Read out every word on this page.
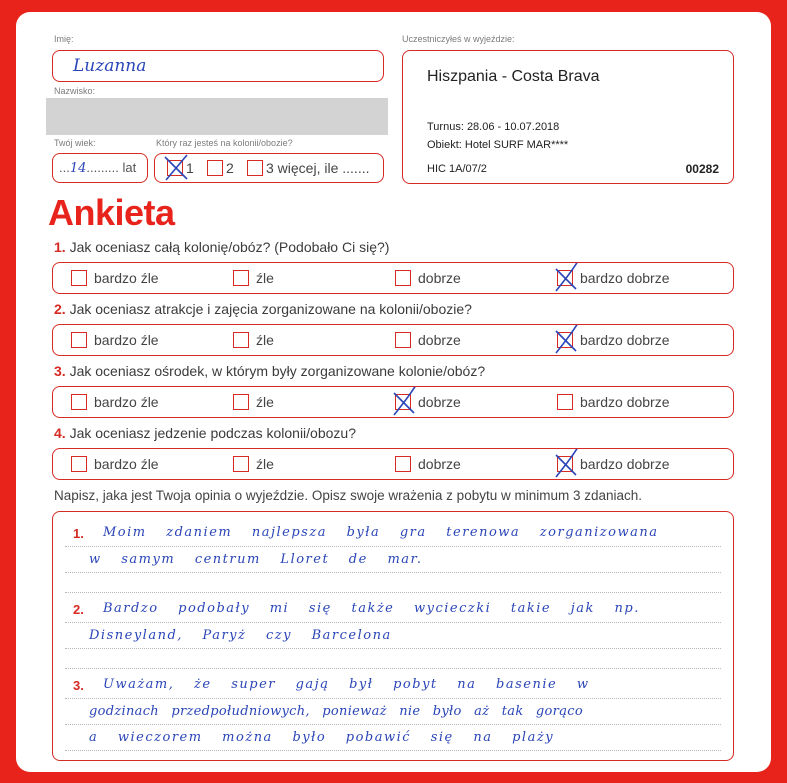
Imię:
Luzanna
Nazwisko:
Twój wiek:
...14......... lat
Który raz jesteś na kolonii/obozie?
1 2 3 więcej, ile .......
Uczestniczyłeś w wyjeździe:
Hiszpania - Costa Brava
Turnus: 28.06 - 10.07.2018
Obiekt: Hotel SURF MAR****
HIC 1A/07/2	00282
Ankieta
1. Jak oceniasz całą kolonię/obóz? (Podobało Ci się?)
bardzo źle	źle	dobrze	bardzo dobrze
2. Jak oceniasz atrakcje i zajęcia zorganizowane na kolonii/obozie?
bardzo źle	źle	dobrze	bardzo dobrze
3. Jak oceniasz ośrodek, w którym były zorganizowane kolonie/obóz?
bardzo źle	źle	dobrze	bardzo dobrze
4. Jak oceniasz jedzenie podczas kolonii/obozu?
bardzo źle	źle	dobrze	bardzo dobrze
Napisz, jaka jest Twoja opinia o wyjeździe. Opisz swoje wrażenia z pobytu w minimum 3 zdaniach.
1. Moim zdaniem najlepsza była gra terenowa zorganizowana
w samym centrum Lloret de mar.
2. Bardzo podobały mi się także wycieczki takie jak np.
Disneyland, Paryż czy Barcelona
3. Uważam, że super gają był pobyt na basenie w
godzinach przedpołudniowych, ponieważ nie było aż tak gorąco
a wieczorem można było pobawić się na plaży
